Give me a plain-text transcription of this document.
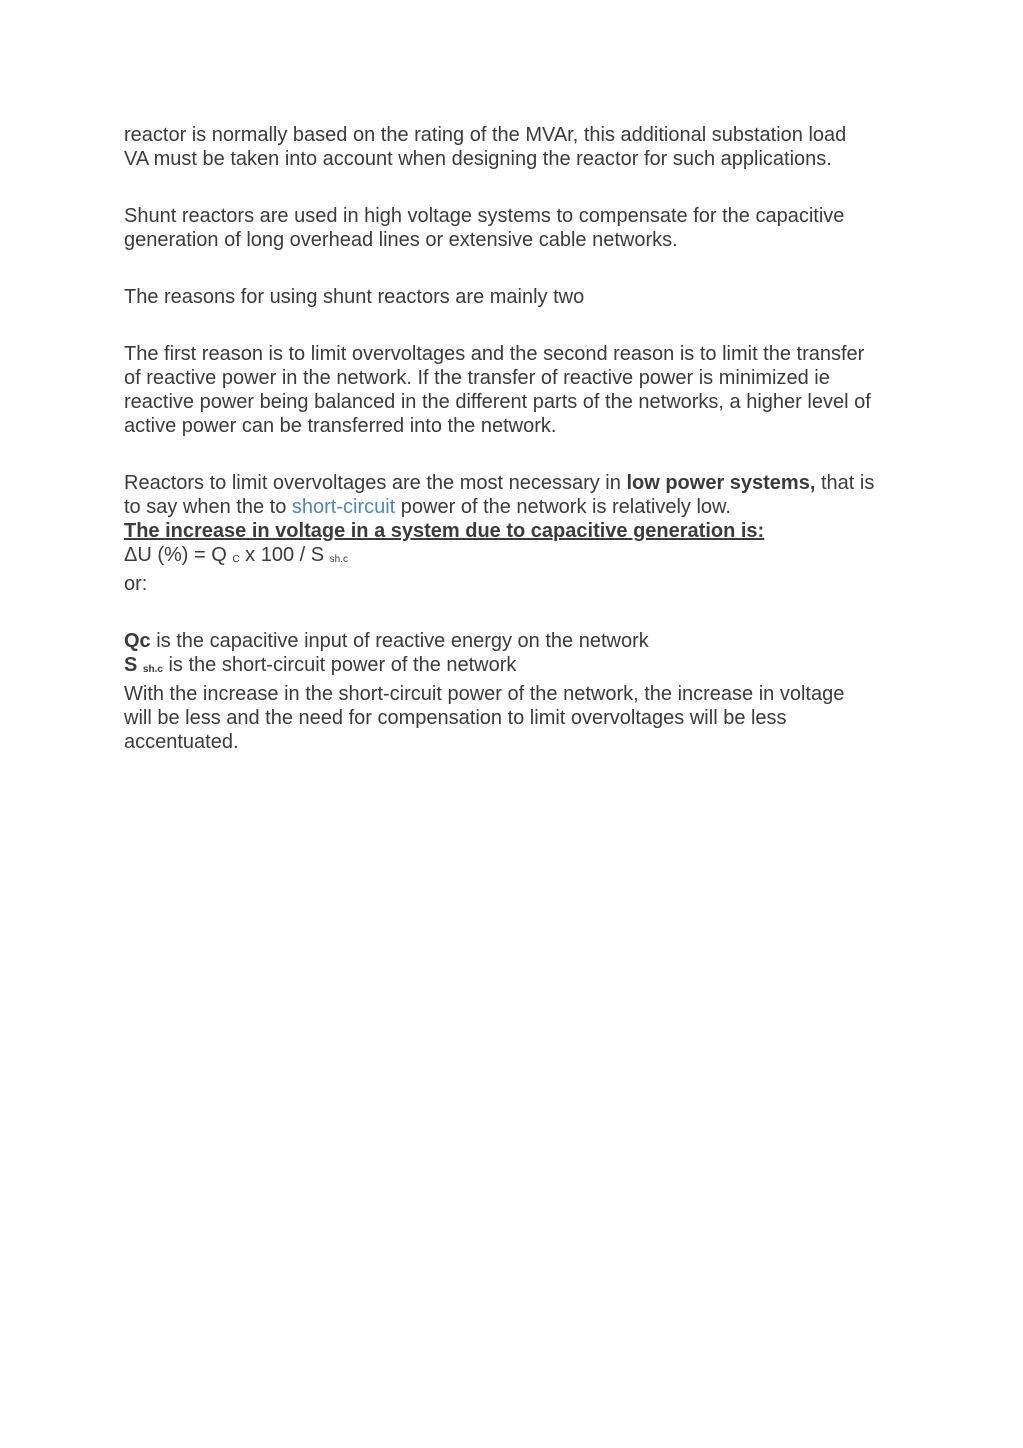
reactor is normally based on the rating of the MVAr, this additional substation load
VA must be taken into account when designing the reactor for such applications.

Shunt reactors are used in high voltage systems to compensate for the capacitive
generation of long overhead lines or extensive cable networks.

The reasons for using shunt reactors are mainly two

The first reason is to limit overvoltages and the second reason is to limit the transfer
of reactive power in the network. If the transfer of reactive power is minimized ie
reactive power being balanced in the different parts of the networks, a higher level of
active power can be transferred into the network.

Reactors to limit overvoltages are the most necessary in low power systems, that is
to say when the to short-circuit power of the network is relatively low.
The increase in voltage in a system due to capacitive generation is:
ΔU (%) = Q C x 100 / S sh.c
or:
Qc is the capacitive input of reactive energy on the network
S sh.c is the short-circuit power of the network
With the increase in the short-circuit power of the network, the increase in voltage
will be less and the need for compensation to limit overvoltages will be less
accentuated.
